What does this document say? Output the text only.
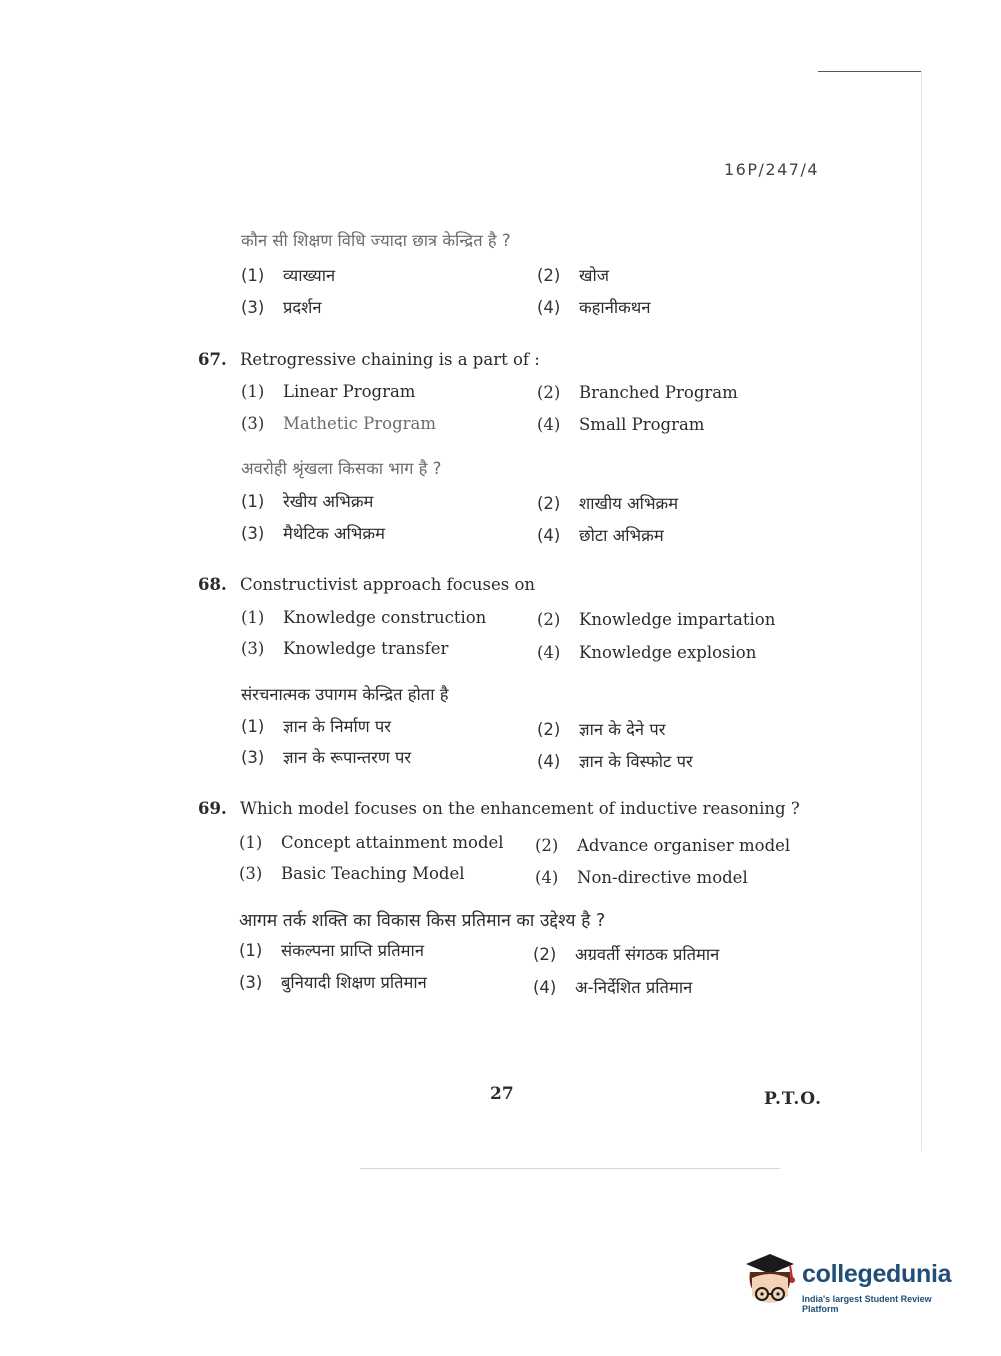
16P/247/4
कौन सी शिक्षण विधि ज्यादा छात्र केन्द्रित है ?
(1) व्याख्यान	(2) खोज
(3) प्रदर्शन	(4) कहानीकथन
67. Retrogressive chaining is a part of :
(1) Linear Program	(2) Branched Program
(3) Mathetic Program	(4) Small Program
अवरोही श्रृंखला किसका भाग है ?
(1) रेखीय अभिक्रम	(2) शाखीय अभिक्रम
(3) मैथेटिक अभिक्रम	(4) छोटा अभिक्रम
68. Constructivist approach focuses on
(1) Knowledge construction	(2) Knowledge impartation
(3) Knowledge transfer	(4) Knowledge explosion
संरचनात्मक उपागम केन्द्रित होता है
(1) ज्ञान के निर्माण पर	(2) ज्ञान के देने पर
(3) ज्ञान के रूपान्तरण पर	(4) ज्ञान के विस्फोट पर
69. Which model focuses on the enhancement of inductive reasoning ?
(1) Concept attainment model (2) Advance organiser model
(3) Basic Teaching Model	(4) Non-directive model
आगम तर्क शक्ति का विकास किस प्रतिमान का उद्देश्य है ?
(1) संकल्पना प्राप्ति प्रतिमान	(2) अग्रवर्ती संगठक प्रतिमान
(3) बुनियादी शिक्षण प्रतिमान	(4) अ-निर्देशित प्रतिमान
27	P.T.O.
collegedunia
India's largest Student Review Platform
